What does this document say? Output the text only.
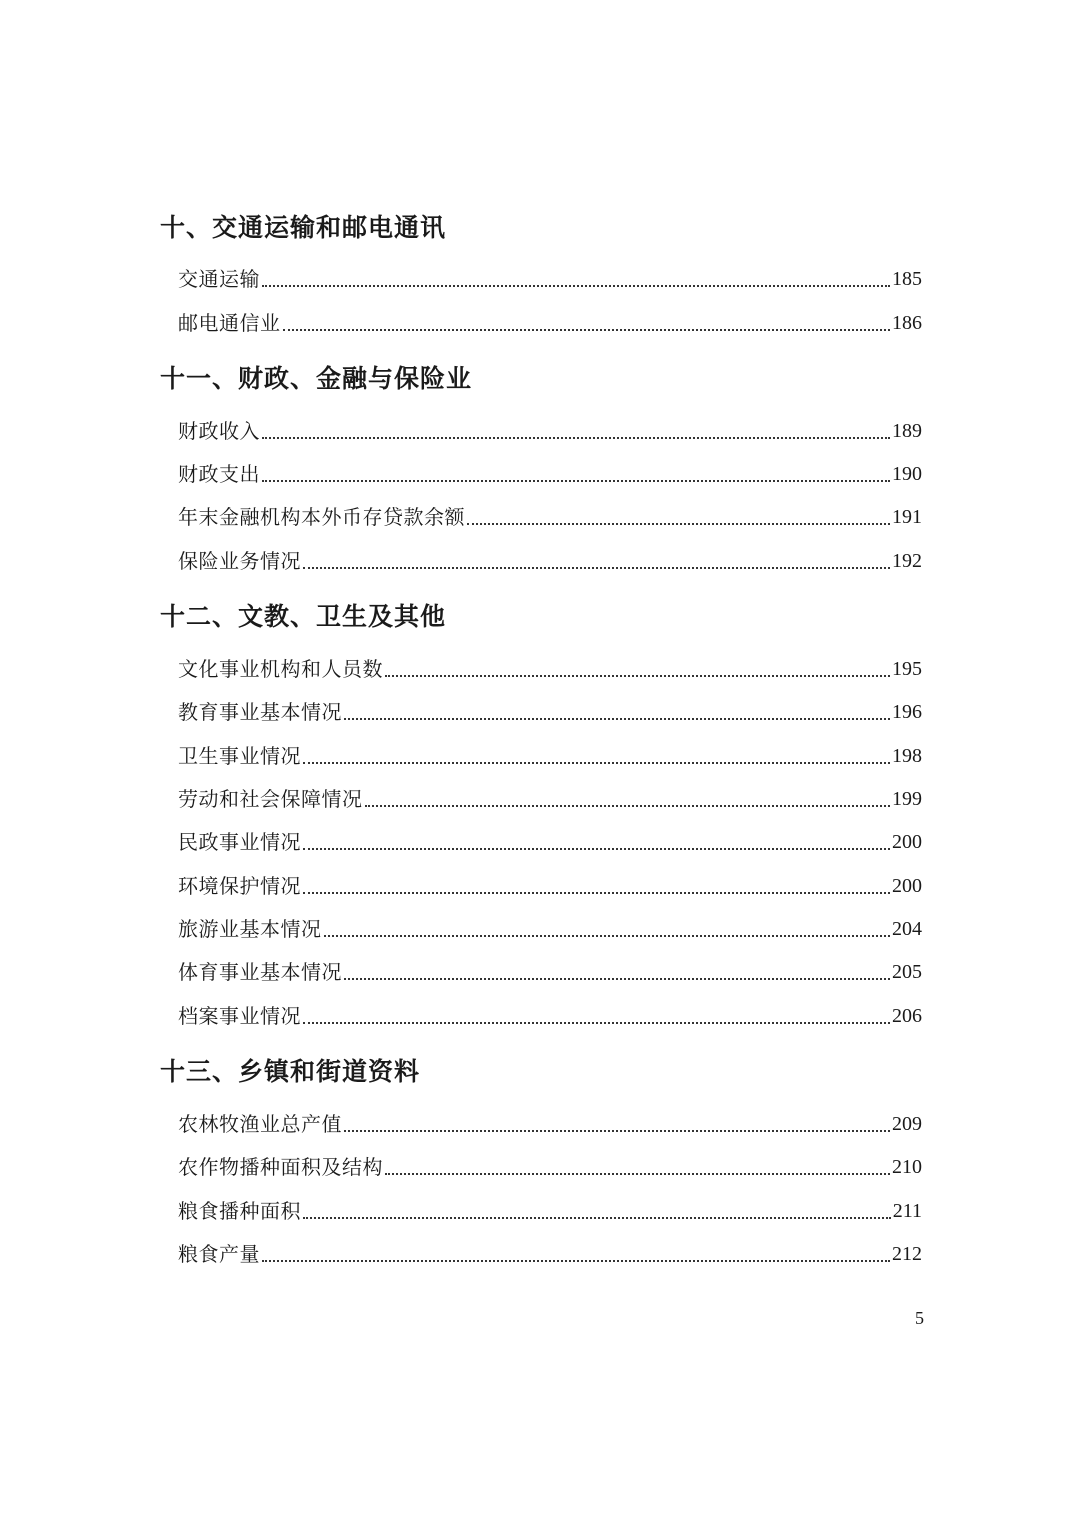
十、交通运输和邮电通讯
交通运输	185
邮电通信业	186
十一、财政、金融与保险业
财政收入	189
财政支出	190
年末金融机构本外币存贷款余额	191
保险业务情况	192
十二、文教、卫生及其他
文化事业机构和人员数	195
教育事业基本情况	196
卫生事业情况	198
劳动和社会保障情况	199
民政事业情况	200
环境保护情况	200
旅游业基本情况	204
体育事业基本情况	205
档案事业情况	206
十三、乡镇和街道资料
农林牧渔业总产值	209
农作物播种面积及结构	210
粮食播种面积	211
粮食产量	212
5
